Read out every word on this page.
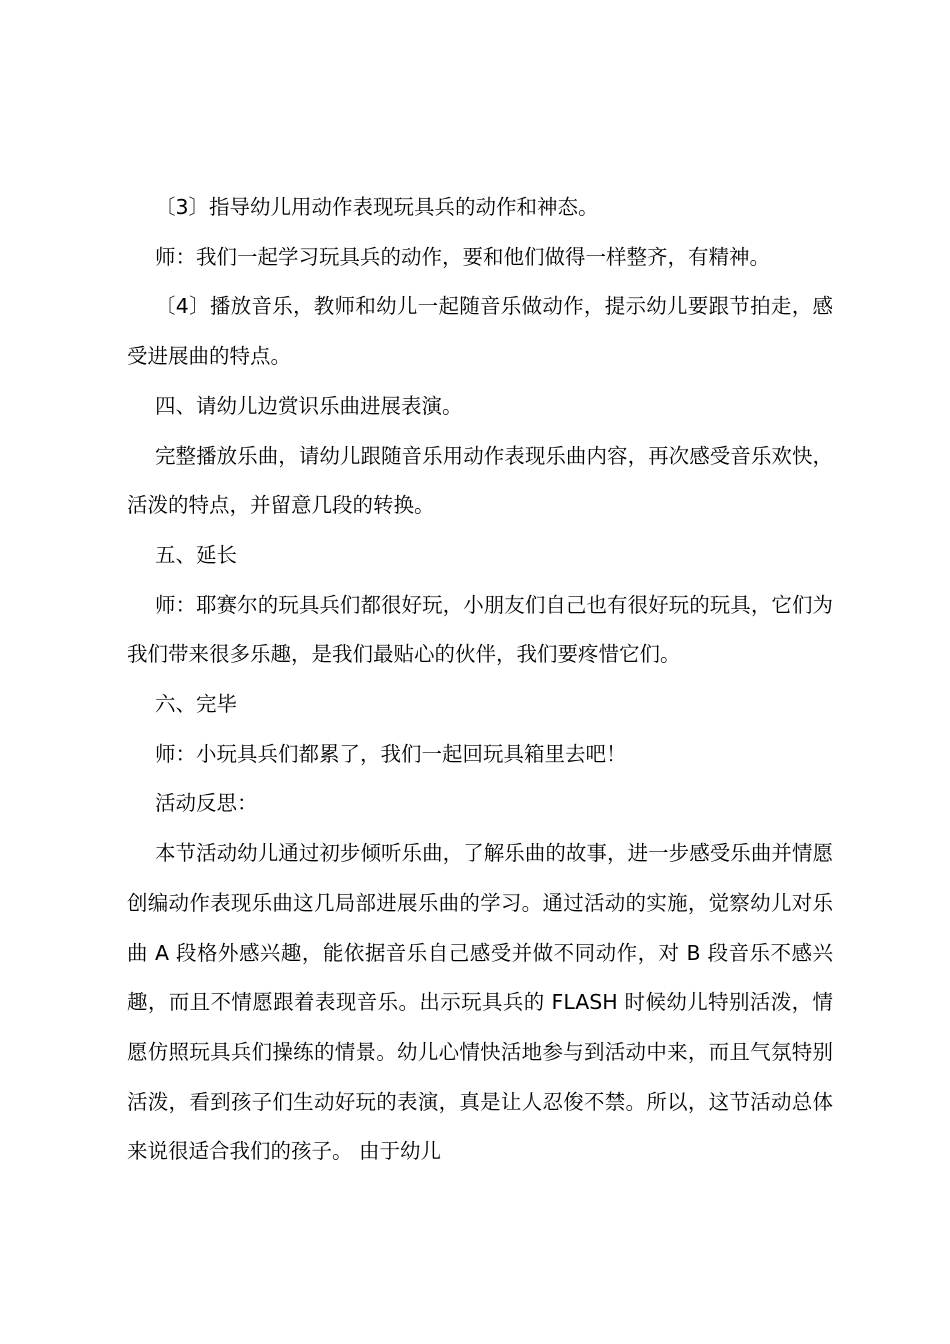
〔3〕指导幼儿用动作表现玩具兵的动作和神态。

师：我们一起学习玩具兵的动作，要和他们做得一样整齐，有精神。

〔4〕播放音乐，教师和幼儿一起随音乐做动作，提示幼儿要跟节拍走，感受进展曲的特点。

四、请幼儿边赏识乐曲进展表演。

完整播放乐曲，请幼儿跟随音乐用动作表现乐曲内容，再次感受音乐欢快，活泼的特点，并留意几段的转换。

五、延长

师：耶赛尔的玩具兵们都很好玩，小朋友们自己也有很好玩的玩具，它们为我们带来很多乐趣，是我们最贴心的伙伴，我们要疼惜它们。

六、完毕

师：小玩具兵们都累了，我们一起回玩具箱里去吧！

活动反思：

本节活动幼儿通过初步倾听乐曲，了解乐曲的故事，进一步感受乐曲并情愿创编动作表现乐曲这几局部进展乐曲的学习。通过活动的实施，觉察幼儿对乐曲 A 段格外感兴趣，能依据音乐自己感受并做不同动作，对 B 段音乐不感兴趣，而且不情愿跟着表现音乐。出示玩具兵的 FLASH 时候幼儿特别活泼，情愿仿照玩具兵们操练的情景。幼儿心情快活地参与到活动中来，而且气氛特别活泼，看到孩子们生动好玩的表演，真是让人忍俊不禁。所以，这节活动总体来说很适合我们的孩子。 由于幼儿
